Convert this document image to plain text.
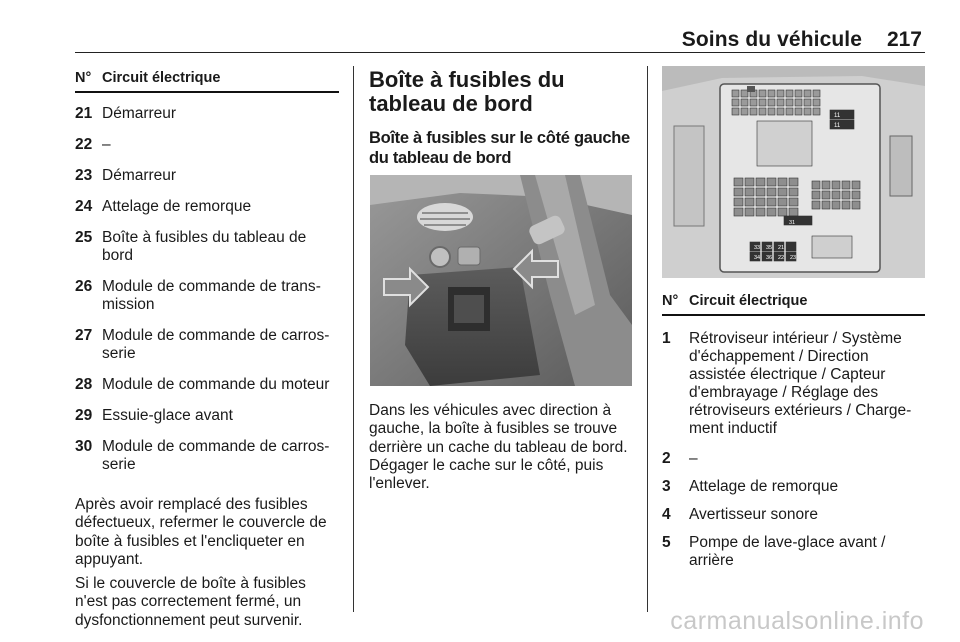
Soins du véhicule 217
N° Circuit électrique
21 Démarreur
22 –
23 Démarreur
24 Attelage de remorque
25 Boîte à fusibles du tableau de bord
26 Module de commande de transmission
27 Module de commande de carrosserie
28 Module de commande du moteur
29 Essuie-glace avant
30 Module de commande de carrosserie

Après avoir remplacé des fusibles défectueux, refermer le couvercle de boîte à fusibles et l'encliqueter en appuyant.

Si le couvercle de boîte à fusibles n'est pas correctement fermé, un dysfonctionnement peut survenir.

Boîte à fusibles du tableau de bord
Boîte à fusibles sur le côté gauche du tableau de bord

Dans les véhicules avec direction à gauche, la boîte à fusibles se trouve derrière un cache du tableau de bord. Dégager le cache sur le côté, puis l'enlever.

11
11
33
34
35
36
31
21
22 23
N° Circuit électrique
1	Rétroviseur intérieur / Système d'échappement / Direction assistée électrique / Capteur d'embrayage / Réglage des rétroviseurs extérieurs / Chargement inductif
2	–
3	Attelage de remorque
4	Avertisseur sonore
5	Pompe de lave-glace avant / arrière
carmanualsonline.info
